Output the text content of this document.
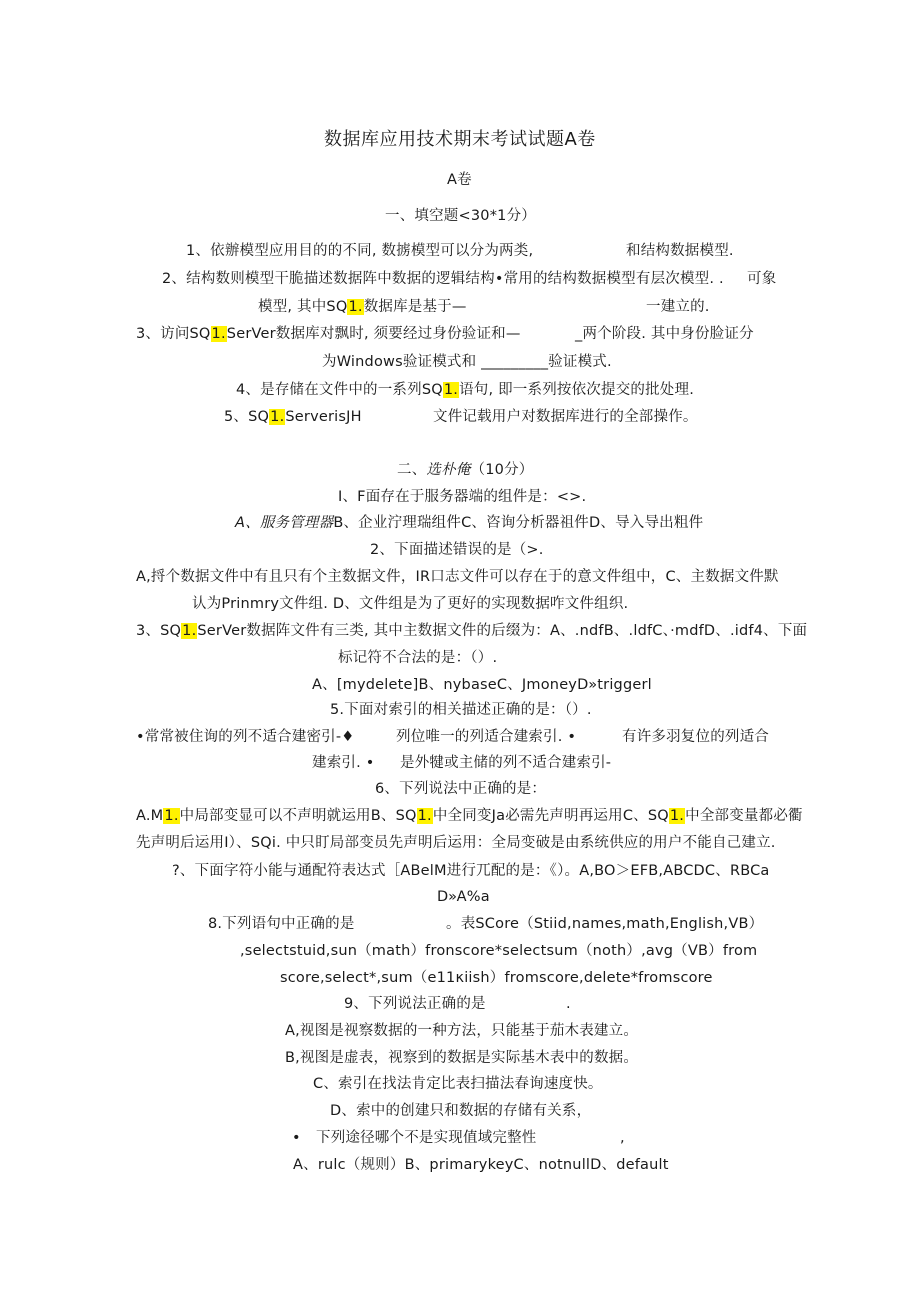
数据库应用技术期末考试试题A卷
A卷
一、填空题<30*1分）
1、依辦模型应用目的的不同, 数掳模型可以分为两类,	和结构数据模型.
2、结构数则模型干脆描述数据阵中数据的逻辑结构•常用的结构数据模型有层次模型. . 可象
模型, 其中SQ1.数据库是基于—	一建立的.
3、访问SQ1.SerVer数据库对飘时, 须要经过身份验证和—	_两个阶段. 其中身份脸证分
为Windows验证模式和 _________验证模式.
4、是存储在文件中的一系列SQ1.语句, 即一系列按依次提交的批处理.
5、SQ1.ServerisJH	文件记载用户对数据库进行的全部操作。
二、选朴俺（10分）
I、F面存在于服务器端的组件是：<>.
A、服务管理器B、企业泞理瑞组件C、咨询分析器祖件D、导入导出粗件
2、下面描述错误的是（>.
A,捋个数据文件中有且只有个主数据文件，IR口志文件可以存在于的意文件组中，C、主数据文件默
认为Prinmry文件组. D、文件组是为了更好的实现数据咋文件组织.
3、SQ1.SerVer数据阵文件有三类, 其中主数据文件的后缀为：A、.ndfB、.ldfC、·mdfD、.idf4、下面
标记符不合法的是：（）.
A、[mydelete]B、nybaseC、JmoneyD»triggerl
5.下面对索引的相关描述正确的是：（）.
•常常被住询的列不适合建密引-♦	列位唯一的列适合建索引. •	有许多羽复位的列适合
建索引. • 是外犍或主储的列不适合建索引-
6、下列说法中正确的是：
A.M1.中局部变显可以不声明就运用B、SQ1.中全同变Ja必需先声明再运用C、SQ1.中全部变量都必衢
先声明后运用I）、SQi. 中只盯局部变员先声明后运用：全局变破是由系统供应的用户不能自己建立.
?、下面字符小能与通配符表达式［ABelM进行兀配的是：《）。A,BO＞EFB,ABCDC、RBCa
D»A%a
8.下列语句中正确的是	。表SCore（Stiid,names,math,English,VB）
,selectstuid,sun（math）fronscore*selectsum（noth）,avg（VB）from
score,select*,sum（e11κiish）fromscore,delete*fromscore
9、下列说法正确的是	.
A,视图是视察数据的一种方法，只能基于茄木表建立。
B,视图是虚表，视察到的数据是实际基木表中的数据。
C、索引在找法肯定比表扫描法春询速度快。
D、索中的创建只和数据的存储有关系，
• 下列途径哪个不是实现值域完整性	,
A、rulc（规则）B、primarykeyC、notnullD、default
